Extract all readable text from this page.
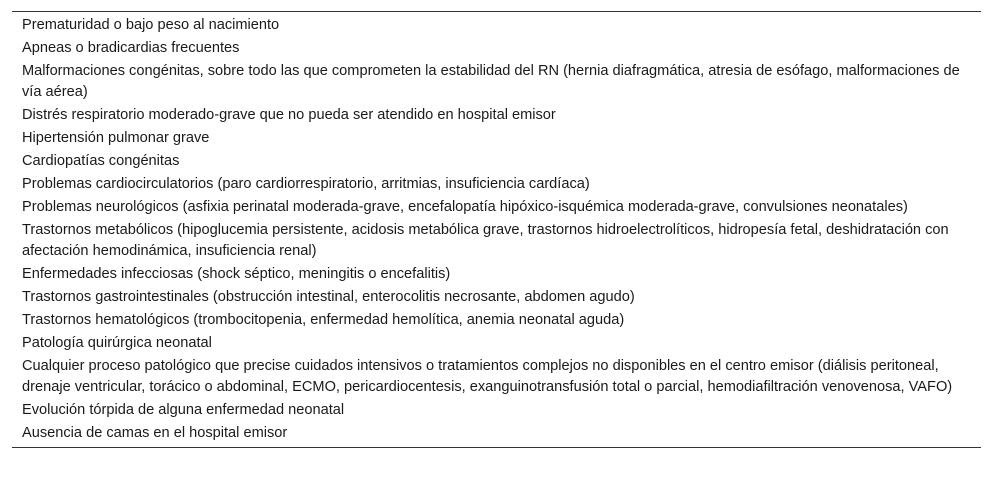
Prematuridad o bajo peso al nacimiento
Apneas o bradicardias frecuentes
Malformaciones congénitas, sobre todo las que comprometen la estabilidad del RN (hernia diafragmática, atresia de esófago, malformaciones de vía aérea)
Distrés respiratorio moderado-grave que no pueda ser atendido en hospital emisor
Hipertensión pulmonar grave
Cardiopatías congénitas
Problemas cardiocirculatorios (paro cardiorrespiratorio, arritmias, insuficiencia cardíaca)
Problemas neurológicos (asfixia perinatal moderada-grave, encefalopatía hipóxico-isquémica moderada-grave, convulsiones neonatales)
Trastornos metabólicos (hipoglucemia persistente, acidosis metabólica grave, trastornos hidroelectrolíticos, hidropesía fetal, deshidratación con afectación hemodinámica, insuficiencia renal)
Enfermedades infecciosas (shock séptico, meningitis o encefalitis)
Trastornos gastrointestinales (obstrucción intestinal, enterocolitis necrosante, abdomen agudo)
Trastornos hematológicos (trombocitopenia, enfermedad hemolítica, anemia neonatal aguda)
Patología quirúrgica neonatal
Cualquier proceso patológico que precise cuidados intensivos o tratamientos complejos no disponibles en el centro emisor (diálisis peritoneal, drenaje ventricular, torácico o abdominal, ECMO, pericardiocentesis, exanguinotransfusión total o parcial, hemodiafiltración venovenosa, VAFO)
Evolución tórpida de alguna enfermedad neonatal
Ausencia de camas en el hospital emisor
